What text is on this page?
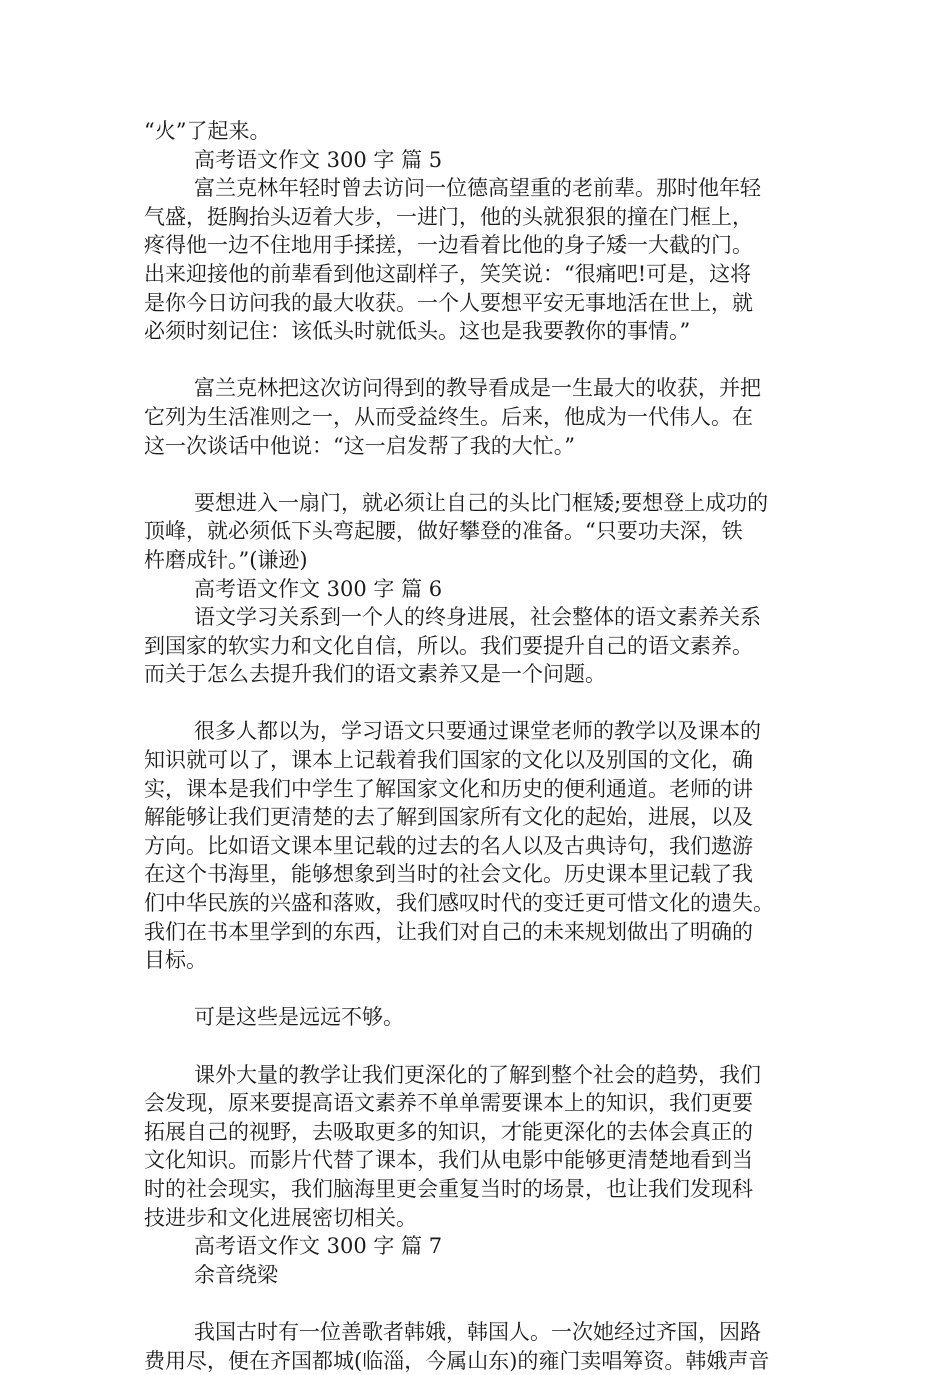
“火”了起来。
高考语文作文 300 字 篇 5
富兰克林年轻时曾去访问一位德高望重的老前辈。那时他年轻
气盛，挺胸抬头迈着大步，一进门，他的头就狠狠的撞在门框上，
疼得他一边不住地用手揉搓，一边看着比他的身子矮一大截的门。
出来迎接他的前辈看到他这副样子，笑笑说：“很痛吧!可是，这将
是你今日访问我的最大收获。一个人要想平安无事地活在世上，就
必须时刻记住：该低头时就低头。这也是我要教你的事情。”
富兰克林把这次访问得到的教导看成是一生最大的收获，并把
它列为生活准则之一，从而受益终生。后来，他成为一代伟人。在
这一次谈话中他说：“这一启发帮了我的大忙。”
要想进入一扇门，就必须让自己的头比门框矮;要想登上成功的
顶峰，就必须低下头弯起腰，做好攀登的准备。“只要功夫深，铁
杵磨成针。”(谦逊)
高考语文作文 300 字 篇 6
语文学习关系到一个人的终身进展，社会整体的语文素养关系
到国家的软实力和文化自信，所以。我们要提升自己的语文素养。
而关于怎么去提升我们的语文素养又是一个问题。
很多人都以为，学习语文只要通过课堂老师的教学以及课本的
知识就可以了，课本上记载着我们国家的文化以及别国的文化，确
实，课本是我们中学生了解国家文化和历史的便利通道。老师的讲
解能够让我们更清楚的去了解到国家所有文化的起始，进展，以及
方向。比如语文课本里记载的过去的名人以及古典诗句，我们遨游
在这个书海里，能够想象到当时的社会文化。历史课本里记载了我
们中华民族的兴盛和落败，我们感叹时代的变迁更可惜文化的遗失。
我们在书本里学到的东西，让我们对自己的未来规划做出了明确的
目标。
可是这些是远远不够。
课外大量的教学让我们更深化的了解到整个社会的趋势，我们
会发现，原来要提高语文素养不单单需要课本上的知识，我们更要
拓展自己的视野，去吸取更多的知识，才能更深化的去体会真正的
文化知识。而影片代替了课本，我们从电影中能够更清楚地看到当
时的社会现实，我们脑海里更会重复当时的场景，也让我们发现科
技进步和文化进展密切相关。
高考语文作文 300 字 篇 7
余音绕梁
我国古时有一位善歌者韩娥，韩国人。一次她经过齐国，因路
费用尽，便在齐国都城(临淄，今属山东)的雍门卖唱筹资。韩娥声音
